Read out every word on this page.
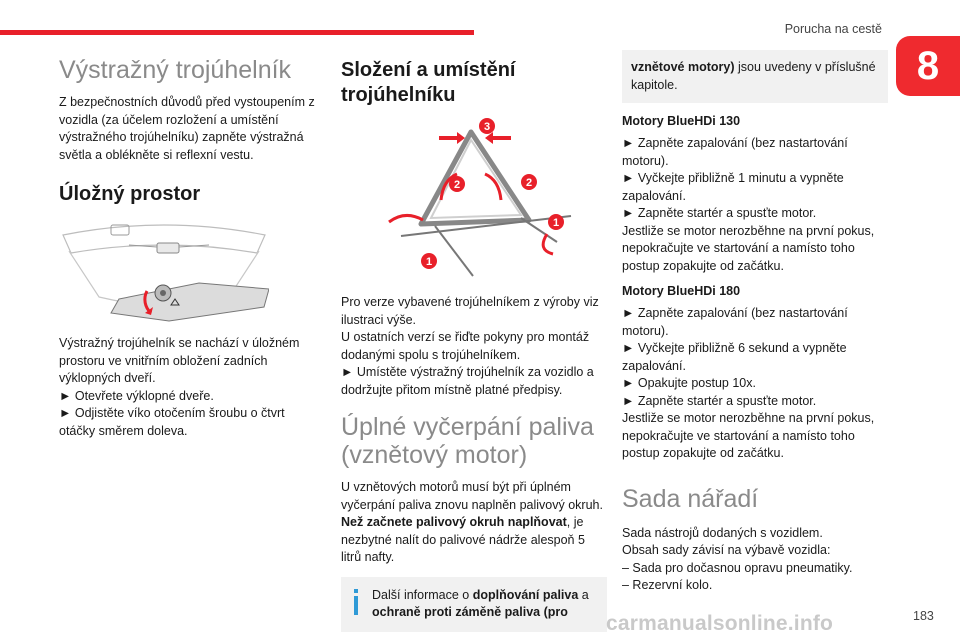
Porucha na cestě
8
Výstražný trojúhelník

Z bezpečnostních důvodů před vystoupením z vozidla (za účelem rozložení a umístění výstražného trojúhelníku) zapněte výstražná světla a oblékněte si reflexní vestu.

Úložný prostor

Výstražný trojúhelník se nachází v úložném prostoru ve vnitřním obložení zadních výklopných dveří.

► Otevřete výklopné dveře.

► Odjistěte víko otočením šroubu o čtvrt otáčky směrem doleva.

Složení a umístění trojúhelníku
3
2	2
1
1

Pro verze vybavené trojúhelníkem z výroby viz ilustraci výše.

U ostatních verzí se řiďte pokyny pro montáž dodanými spolu s trojúhelníkem.

► Umístěte výstražný trojúhelník za vozidlo a dodržujte přitom místně platné předpisy.

Úplné vyčerpání paliva (vznětový motor)

U vznětových motorů musí být při úplném vyčerpání paliva znovu naplněn palivový okruh. Než začnete palivový okruh naplňovat, je nezbytné nalít do palivové nádrže alespoň 5 litrů nafty.

Další informace o doplňování paliva a ochraně proti záměně paliva (pro

vznětové motory) jsou uvedeny v příslušné kapitole.

Motory BlueHDi 130

► Zapněte zapalování (bez nastartování motoru).

► Vyčkejte přibližně 1 minutu a vypněte zapalování.

► Zapněte startér a spusťte motor.

Jestliže se motor nerozběhne na první pokus, nepokračujte ve startování a namísto toho postup zopakujte od začátku.

Motory BlueHDi 180

► Zapněte zapalování (bez nastartování motoru).

► Vyčkejte přibližně 6 sekund a vypněte zapalování.

► Opakujte postup 10x.

► Zapněte startér a spusťte motor.

Jestliže se motor nerozběhne na první pokus, nepokračujte ve startování a namísto toho postup zopakujte od začátku.

Sada nářadí

Sada nástrojů dodaných s vozidlem.

Obsah sady závisí na výbavě vozidla:

– Sada pro dočasnou opravu pneumatiky.

– Rezervní kolo.

carmanualsonline.info	183
